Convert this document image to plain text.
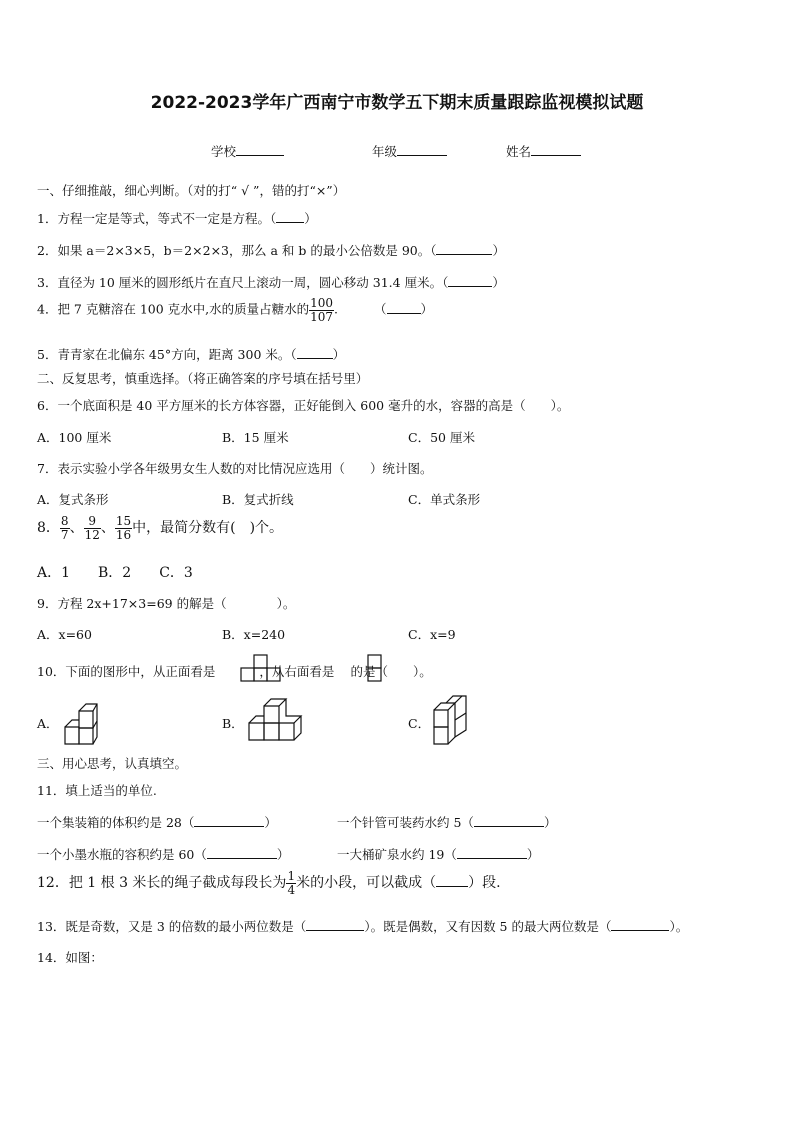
2022-2023学年广西南宁市数学五下期末质量跟踪监视模拟试题
学校	年级	姓名
一、仔细推敲，细心判断。（对的打“ √ ”，错的打“×”）
1．方程一定是等式，等式不一定是方程。（ ）
2．如果 a＝2×3×5，b＝2×2×3，那么 a 和 b 的最小公倍数是 90。（	）
3．直径为 10 厘米的圆形纸片在直尺上滚动一周，圆心移动 31.4 厘米。（	）
4．把 7 克糖溶在 100 克水中,水的质量占糖水的 $\frac{100}{107}$ .	（	）
5．青青家在北偏东 45°方向，距离 300 米。（	）
二、反复思考，慎重选择。（将正确答案的序号填在括号里）
6．一个底面积是 40 平方厘米的长方体容器，正好能倒入 600 毫升的水，容器的高是（　　）。
A．100 厘米	B．15 厘米	C．50 厘米
7．表示实验小学各年级男女生人数的对比情况应选用（　　）统计图。
A．复式条形	B．复式折线	C．单式条形
8． $\frac{8}{7}$ 、 $\frac{9}{12}$ 、 $\frac{15}{16}$ 中，最简分数有(　)个。
A．1　　B．2　　C．3
9．方程 2x+17×3=69 的解是（　　　　）。
A．x=60	B．x=240	C．x=9
10．下面的图形中，从正面看是	，从右面看是 的是（　　）。
A．	B．	C．
三、用心思考，认真填空。
11．填上适当的单位.
一个集装箱的体积约是 28（	）	一个针管可装药水约 5（	）
一个小墨水瓶的容积约是 60（	）	一大桶矿泉水约 19（	）
12．把 1 根 3 米长的绳子截成每段长为 $\frac{1}{4}$ 米的小段，可以截成（ ）段.
13．既是奇数，又是 3 的倍数的最小两位数是（	）。既是偶数，又有因数 5 的最大两位数是（	）。
14．如图：
